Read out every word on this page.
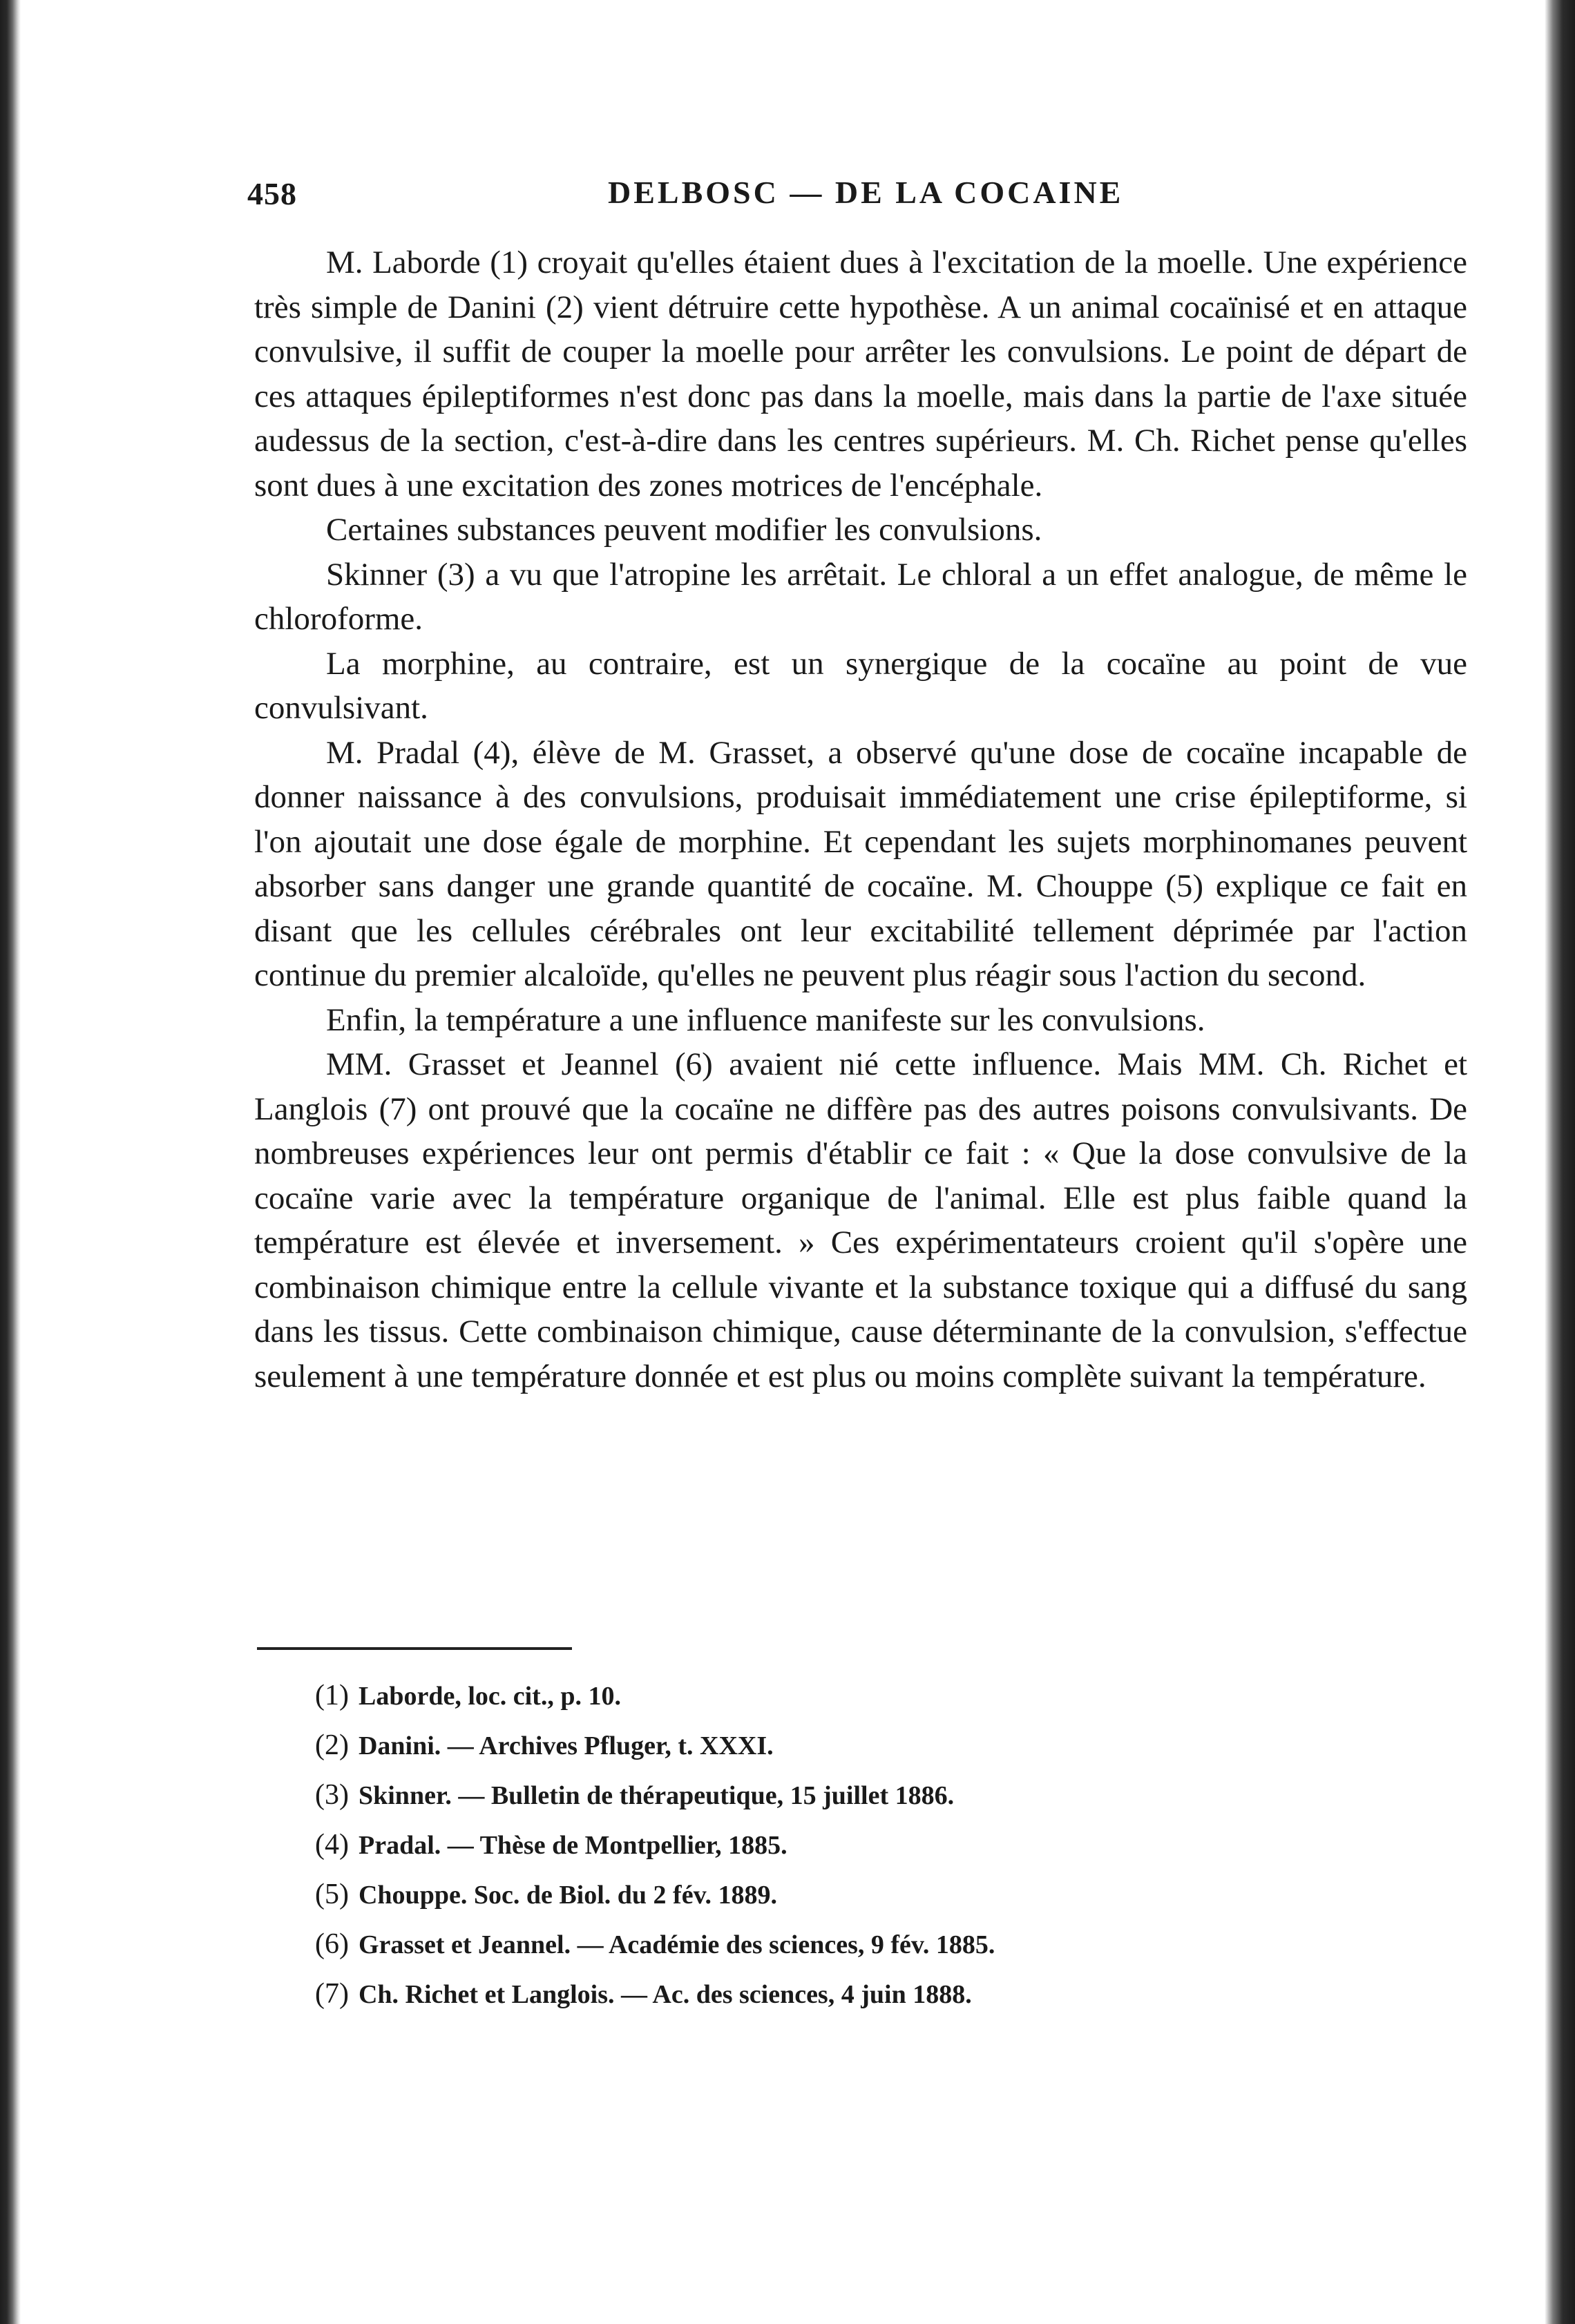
458	DELBOSC — DE LA COCAINE

M. Laborde (1) croyait qu'elles étaient dues à l'excitation de la moelle. Une expérience très simple de Danini (2) vient détruire cette hypothèse. A un animal cocaïnisé et en attaque convulsive, il suffit de couper la moelle pour arrêter les convulsions. Le point de départ de ces attaques épileptiformes n'est donc pas dans la moelle, mais dans la partie de l'axe située audessus de la section, c'est-à-dire dans les centres supérieurs. M. Ch. Richet pense qu'elles sont dues à une excitation des zones motrices de l'encéphale.

Certaines substances peuvent modifier les convulsions.

Skinner (3) a vu que l'atropine les arrêtait. Le chloral a un effet analogue, de même le chloroforme.

La morphine, au contraire, est un synergique de la cocaïne au point de vue convulsivant.

M. Pradal (4), élève de M. Grasset, a observé qu'une dose de cocaïne incapable de donner naissance à des convulsions, produisait immédiatement une crise épileptiforme, si l'on ajoutait une dose égale de morphine. Et cependant les sujets morphinomanes peuvent absorber sans danger une grande quantité de cocaïne. M. Chouppe (5) explique ce fait en disant que les cellules cérébrales ont leur excitabilité tellement déprimée par l'action continue du premier alcaloïde, qu'elles ne peuvent plus réagir sous l'action du second.

Enfin, la température a une influence manifeste sur les convulsions.

MM. Grasset et Jeannel (6) avaient nié cette influence. Mais MM. Ch. Richet et Langlois (7) ont prouvé que la cocaïne ne diffère pas des autres poisons convulsivants. De nombreuses expériences leur ont permis d'établir ce fait : « Que la dose convulsive de la cocaïne varie avec la température organique de l'animal. Elle est plus faible quand la température est élevée et inversement. » Ces expérimentateurs croient qu'il s'opère une combinaison chimique entre la cellule vivante et la substance toxique qui a diffusé du sang dans les tissus. Cette combinaison chimique, cause déterminante de la convulsion, s'effectue seulement à une température donnée et est plus ou moins complète suivant la température.

(1) Laborde, loc. cit., p. 10.
(2) Danini. — Archives Pfluger, t. XXXI.
(3) Skinner. — Bulletin de thérapeutique, 15 juillet 1886.
(4) Pradal. — Thèse de Montpellier, 1885.
(5) Chouppe. Soc. de Biol. du 2 fév. 1889.
(6) Grasset et Jeannel. — Académie des sciences, 9 fév. 1885.
(7) Ch. Richet et Langlois. — Ac. des sciences, 4 juin 1888.
